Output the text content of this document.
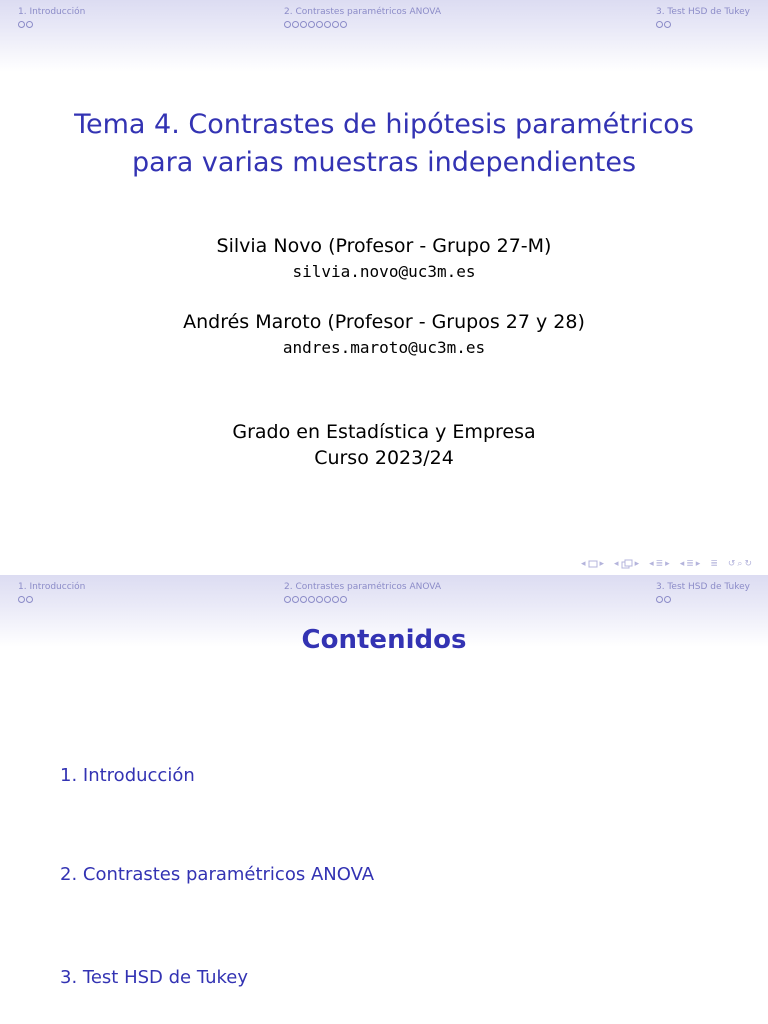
1. Introducción	2. Contrastes paramétricos ANOVA	3. Test HSD de Tukey
Tema 4. Contrastes de hipótesis paramétricos
para varias muestras independientes
Silvia Novo (Profesor - Grupo 27-M)
silvia.novo@uc3m.es
Andrés Maroto (Profesor - Grupos 27 y 28)
andres.maroto@uc3m.es
Grado en Estadística y Empresa
Curso 2023/24
◂ ▸ ◂ ▸ ◂ ≣ ▸ ◂ ≣ ▸ ≣ ↺ ⌕ ↻
1. Introducción	2. Contrastes paramétricos ANOVA	3. Test HSD de Tukey
Contenidos
1. Introducción
2. Contrastes paramétricos ANOVA
3. Test HSD de Tukey
